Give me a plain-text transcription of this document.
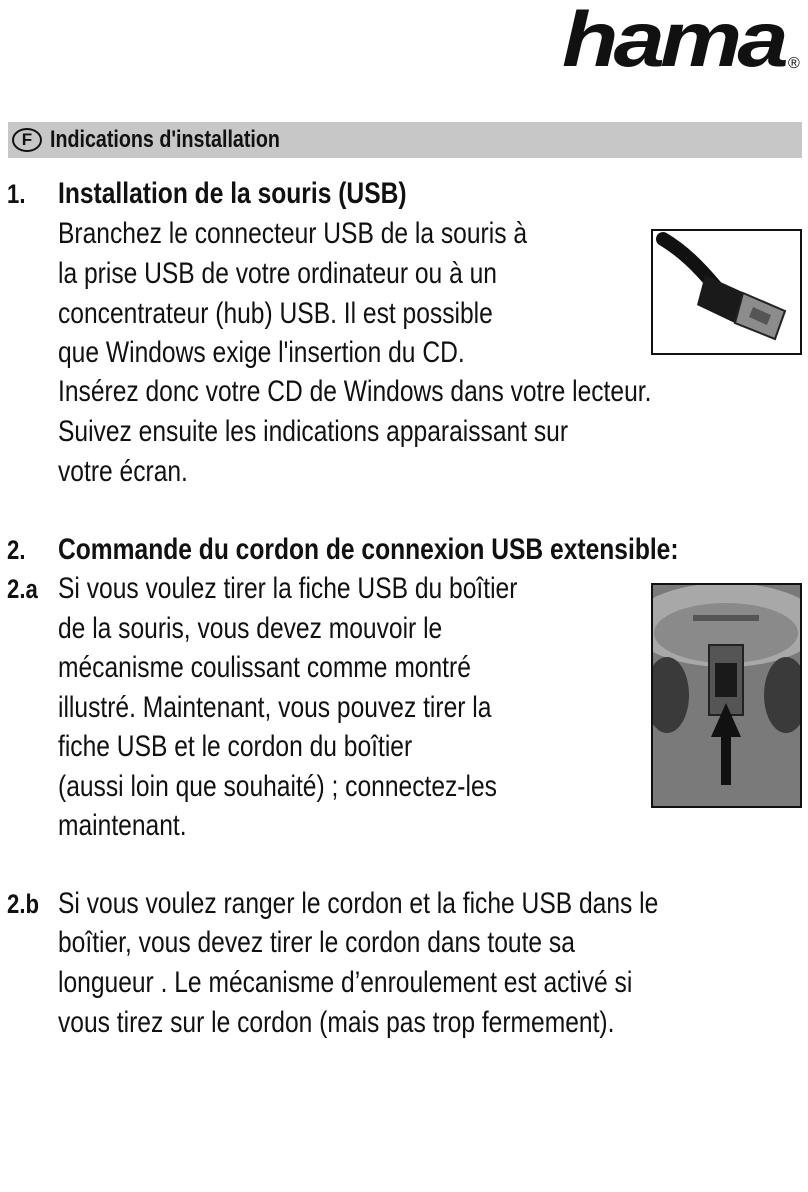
hama ®
F Indications d'installation
1. Installation de la souris (USB)
Branchez le connecteur USB de la souris à
la prise USB de votre ordinateur ou à un
concentrateur (hub) USB. Il est possible
que Windows exige l'insertion du CD.
Insérez donc votre CD de Windows dans votre lecteur.
Suivez ensuite les indications apparaissant sur
votre écran.
2. Commande du cordon de connexion USB extensible:
2.a Si vous voulez tirer la fiche USB du boîtier
de la souris, vous devez mouvoir le
mécanisme coulissant comme montré
illustré. Maintenant, vous pouvez tirer la
fiche USB et le cordon du boîtier
(aussi loin que souhaité) ; connectez-les
maintenant.
2.b Si vous voulez ranger le cordon et la fiche USB dans le
boîtier, vous devez tirer le cordon dans toute sa
longueur . Le mécanisme d’enroulement est activé si
vous tirez sur le cordon (mais pas trop fermement).
